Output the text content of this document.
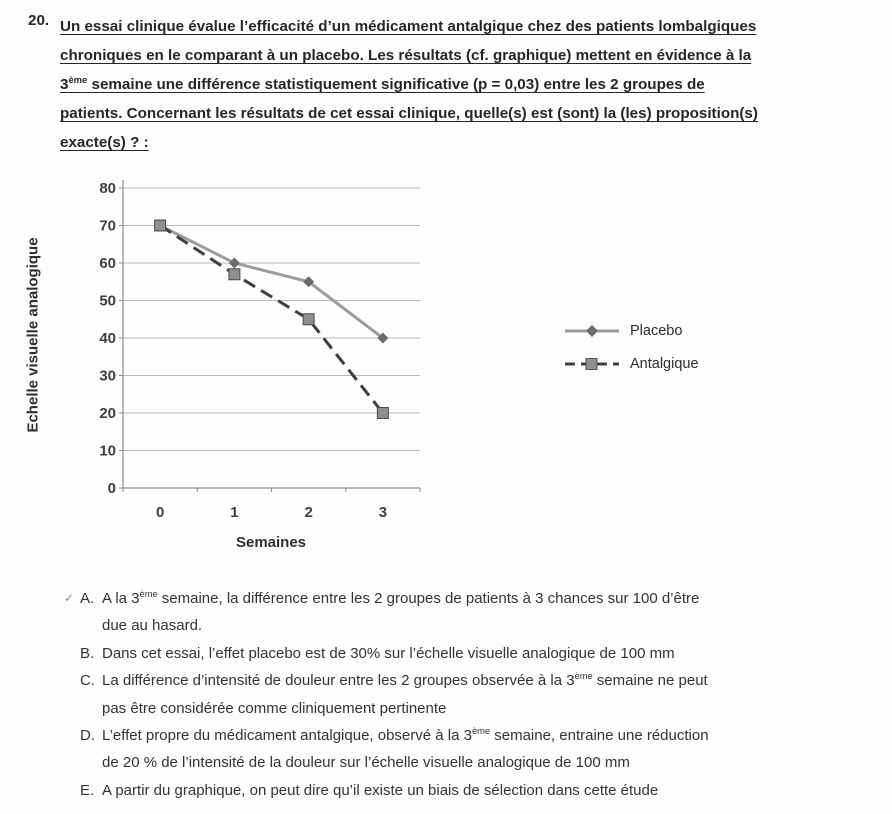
20. Un essai clinique évalue l’efficacité d’un médicament antalgique chez des patients lombalgiques
chroniques en le comparant à un placebo. Les résultats (cf. graphique) mettent en évidence à la
3ème semaine une différence statistiquement significative (p = 0,03) entre les 2 groupes de
patients. Concernant les résultats de cet essai clinique, quelle(s) est (sont) la (les) proposition(s)
exacte(s) ? :
Echelle visuelle analogique
0
10
20
30
40
50
60
70
80
0	1	2	3
Placebo
Antalgique
Semaines
✓ A. A la 3ème semaine, la différence entre les 2 groupes de patients à 3 chances sur 100 d’être
due au hasard.
B. Dans cet essai, l’effet placebo est de 30% sur l’échelle visuelle analogique de 100 mm
C. La différence d’intensité de douleur entre les 2 groupes observée à la 3ème semaine ne peut
pas être considérée comme cliniquement pertinente
D. L’effet propre du médicament antalgique, observé à la 3ème semaine, entraine une réduction
de 20 % de l’intensité de la douleur sur l’échelle visuelle analogique de 100 mm
E. A partir du graphique, on peut dire qu’il existe un biais de sélection dans cette étude
